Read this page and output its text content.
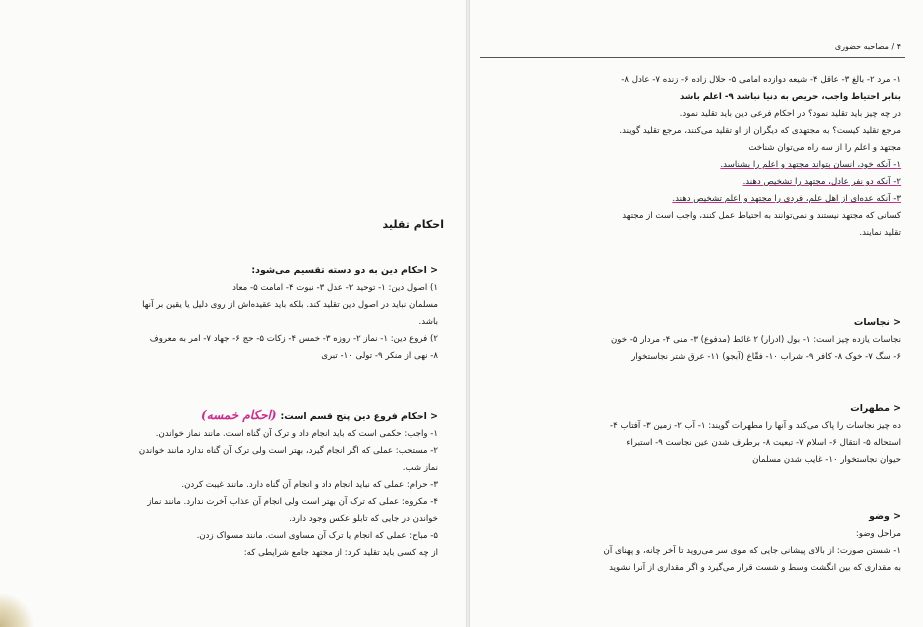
احکام تقلید
< احکام دین به دو دسته تقسیم می‌شود:
۱) اصول دین: ۱- توحید ۲- عدل ۳- نبوت ۴- امامت ۵- معاد
مسلمان نباید در اصول دین تقلید کند. بلکه باید عقیده‌اش از روی دلیل یا یقین بر آنها
باشد.
۲) فروع دین: ۱- نماز ۲- روزه ۳- خمس ۴- زکات ۵- حج ۶- جهاد ۷- امر به معروف
۸- نهی از منکر ۹- تولی ۱۰- تبری
< احکام فروع دین پنج قسم است:(احکام خمسه)
۱- واجب: حکمی است که باید انجام داد و ترک آن گناه است. مانند نماز خواندن.
۲- مستحب: عملی که اگر انجام گیرد، بهتر است ولی ترک آن گناه ندارد مانند خواندن
نماز شب.
۳- حرام: عملی که نباید انجام داد و انجام آن گناه دارد. مانند غیبت کردن.
۴- مکروه: عملی که ترک آن بهتر است ولی انجام آن عذاب آخرت ندارد. مانند نماز
خواندن در جایی که تابلو عکس وجود دارد.
۵- مباح: عملی که انجام یا ترک آن مساوی است. مانند مسواک زدن.
از چه کسی باید تقلید کرد: از مجتهد جامع شرایطی که:
۴ / مصاحبه حضوری
۱- مرد ۲- بالغ ۳- عاقل ۴- شیعه دوازده امامی ۵- حلال زاده ۶- زنده ۷- عادل ۸-
بنابر احتیاط واجب، حریص به دنیا نباشد ۹- اعلم باشد
در چه چیز باید تقلید نمود؟ در احکام فرعی دین باید تقلید نمود.
مرجع تقلید کیست؟ به مجتهدی که دیگران از او تقلید می‌کنند، مرجع تقلید گویند.
مجتهد و اعلم را از سه راه می‌توان شناخت
۱- آنکه خود، انسان بتواند مجتهد و اعلم را بشناسد.
۲- آنکه دو نفر عادل، مجتهد را تشخیص دهند.
۳- آنکه عده‌ای از اهل علم، فردی را مجتهد و اعلم تشخیص دهند.
کسانی که مجتهد نیستند و نمی‌توانند به احتیاط عمل کنند، واجب است از مجتهد
تقلید نمایند.
< نجاسات
نجاسات یازده چیز است: ۱- بول (ادرار) ۲ غائط (مدفوع) ۳- منی ۴- مردار ۵- خون
۶- سگ ۷- خوک ۸- کافر ۹- شراب ۱۰- فقّاع (آبجو) ۱۱- عرق شتر نجاستخوار
< مطهرات
ده چیز نجاسات را پاک می‌کند و آنها را مطهرات گویند: ۱- آب ۲- زمین ۳- آفتاب ۴-
استحاله ۵- انتقال ۶- اسلام ۷- تبعیت ۸- برطرف شدن عین نجاست ۹- استبراء
حیوان نجاستخوار ۱۰- غایب شدن مسلمان
< وضو
مراحل وضو:
۱- شستن صورت: از بالای پیشانی جایی که موی سر می‌روید تا آخر چانه، و پهنای آن
به مقداری که بین انگشت وسط و شست قرار می‌گیرد و اگر مقداری از آنرا نشوید
